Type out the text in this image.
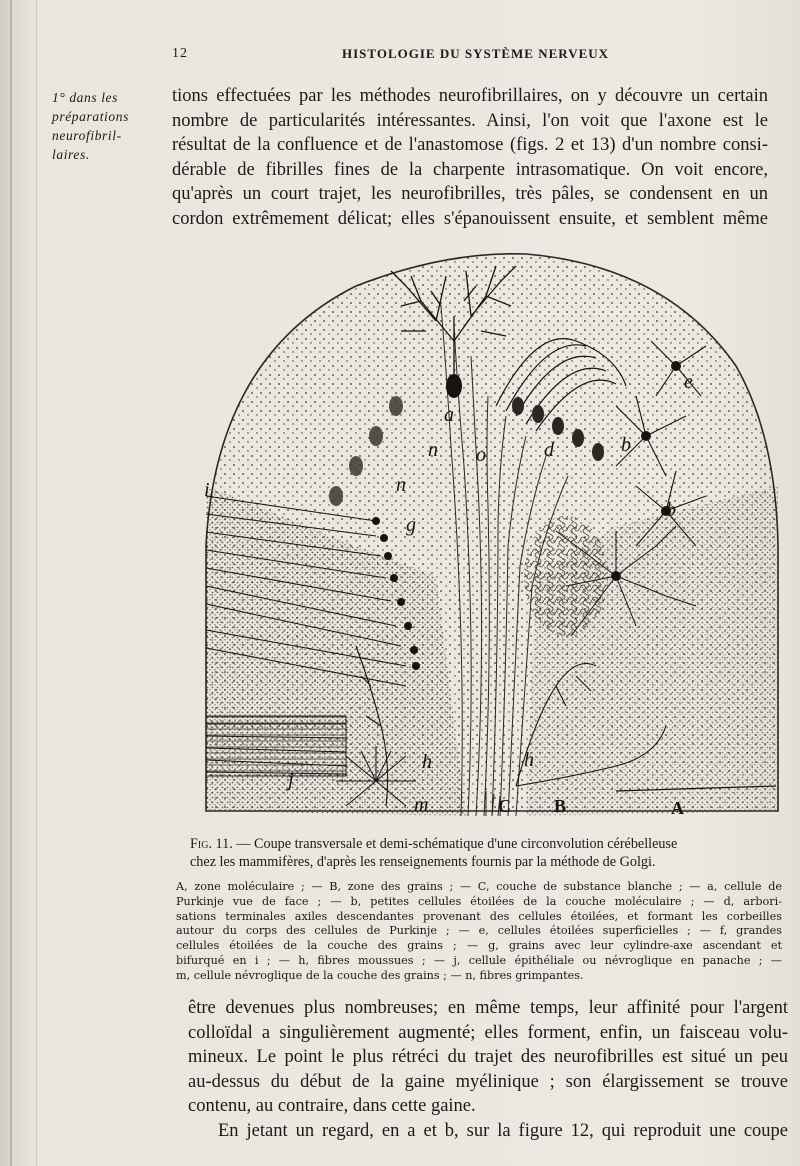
12	HISTOLOGIE DU SYSTÈME NERVEUX
1° dans les
préparations
neurofibril-
laires.
tions effectuées par les méthodes neurofibrillaires, on y découvre un certain
nombre de particularités intéressantes. Ainsi, l'on voit que l'axone est le
résultat de la confluence et de l'anastomose (figs. 2 et 13) d'un nombre consi-
dérable de fibrilles fines de la charpente intrasomatique. On voit encore,
qu'après un court trajet, les neurofibrilles, très pâles, se condensent en un
cordon extrêmement délicat; elles s'épanouissent ensuite, et semblent même
a
b
b
e
d
g
i
j
m
n
n
o
h	h
C B	A
Fig. 11. — Coupe transversale et demi-schématique d'une circonvolution cérébelleuse
chez les mammifères, d'après les renseignements fournis par la méthode de Golgi.
A, zone moléculaire ; — B, zone des grains ; — C, couche de substance blanche ; — a, cellule de
Purkinje vue de face ; — b, petites cellules étoilées de la couche moléculaire ; — d, arbori-
sations terminales axiles descendantes provenant des cellules étoilées, et formant les corbeilles
autour du corps des cellules de Purkinje ; — e, cellules étoilées superficielles ; — f, grandes
cellules étoilées de la couche des grains ; — g, grains avec leur cylindre-axe ascendant et
bifurqué en i ; — h, fibres moussues ; — j, cellule épithéliale ou névroglique en panache ; —
m, cellule névroglique de la couche des grains ; — n, fibres grimpantes.
être devenues plus nombreuses; en même temps, leur affinité pour l'argent
colloïdal a singulièrement augmenté; elles forment, enfin, un faisceau volu-
mineux. Le point le plus rétréci du trajet des neurofibrilles est situé un peu
au-dessus du début de la gaine myélinique ; son élargissement se trouve
contenu, au contraire, dans cette gaine.
En jetant un regard, en a et b, sur la figure 12, qui reproduit une coupe
